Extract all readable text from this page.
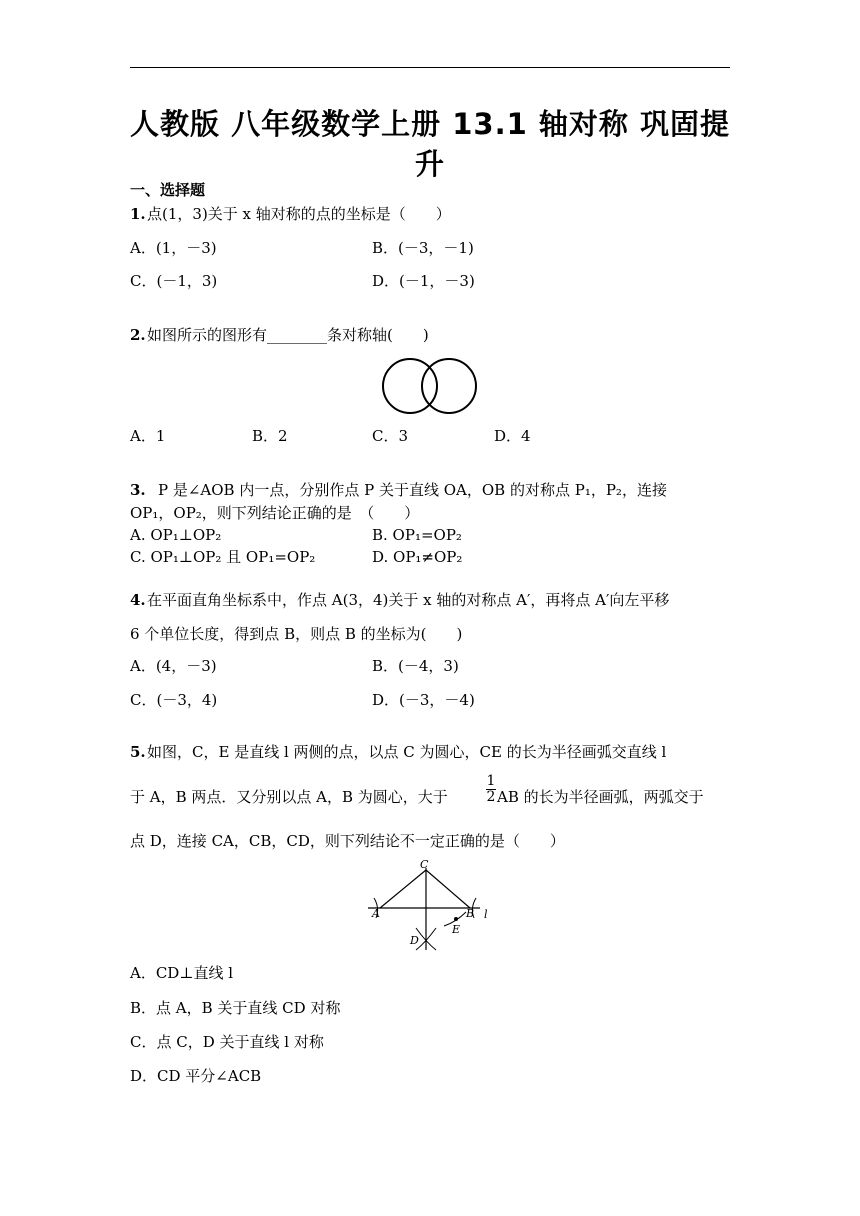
人教版 八年级数学上册 13.1 轴对称 巩固提
升
一、选择题
1. 点(1，3)关于 x 轴对称的点的坐标是（　　）
A．(1，－3)	B．(－3，－1)
C．(－1，3)	D．(－1，－3)
2. 如图所示的图形有________条对称轴(　　)
A．1	B．2	C．3	D．4
3. P 是∠AOB 内一点，分别作点 P 关于直线 OA，OB 的对称点 P₁，P₂，连接
OP₁，OP₂，则下列结论正确的是　（　　）
A. OP₁⊥OP₂	B. OP₁=OP₂
C. OP₁⊥OP₂ 且 OP₁=OP₂	D. OP₁≠OP₂
4. 在平面直角坐标系中，作点 A(3，4)关于 x 轴的对称点 A′，再将点 A′向左平移
6 个单位长度，得到点 B，则点 B 的坐标为(　　)
A．(4，－3)	B．(－4，3)
C．(－3，4)	D．(－3，－4)
5. 如图，C，E 是直线 l 两侧的点，以点 C 为圆心，CE 的长为半径画弧交直线 l
于 A，B 两点．又分别以点 A，B 为圆心，大于
1
2 AB 的长为半径画弧，两弧交于
点 D，连接 CA，CB，CD，则下列结论不一定正确的是（　　）
C
A	B l
E
D
A．CD⊥直线 l
B．点 A，B 关于直线 CD 对称
C．点 C，D 关于直线 l 对称
D．CD 平分∠ACB
